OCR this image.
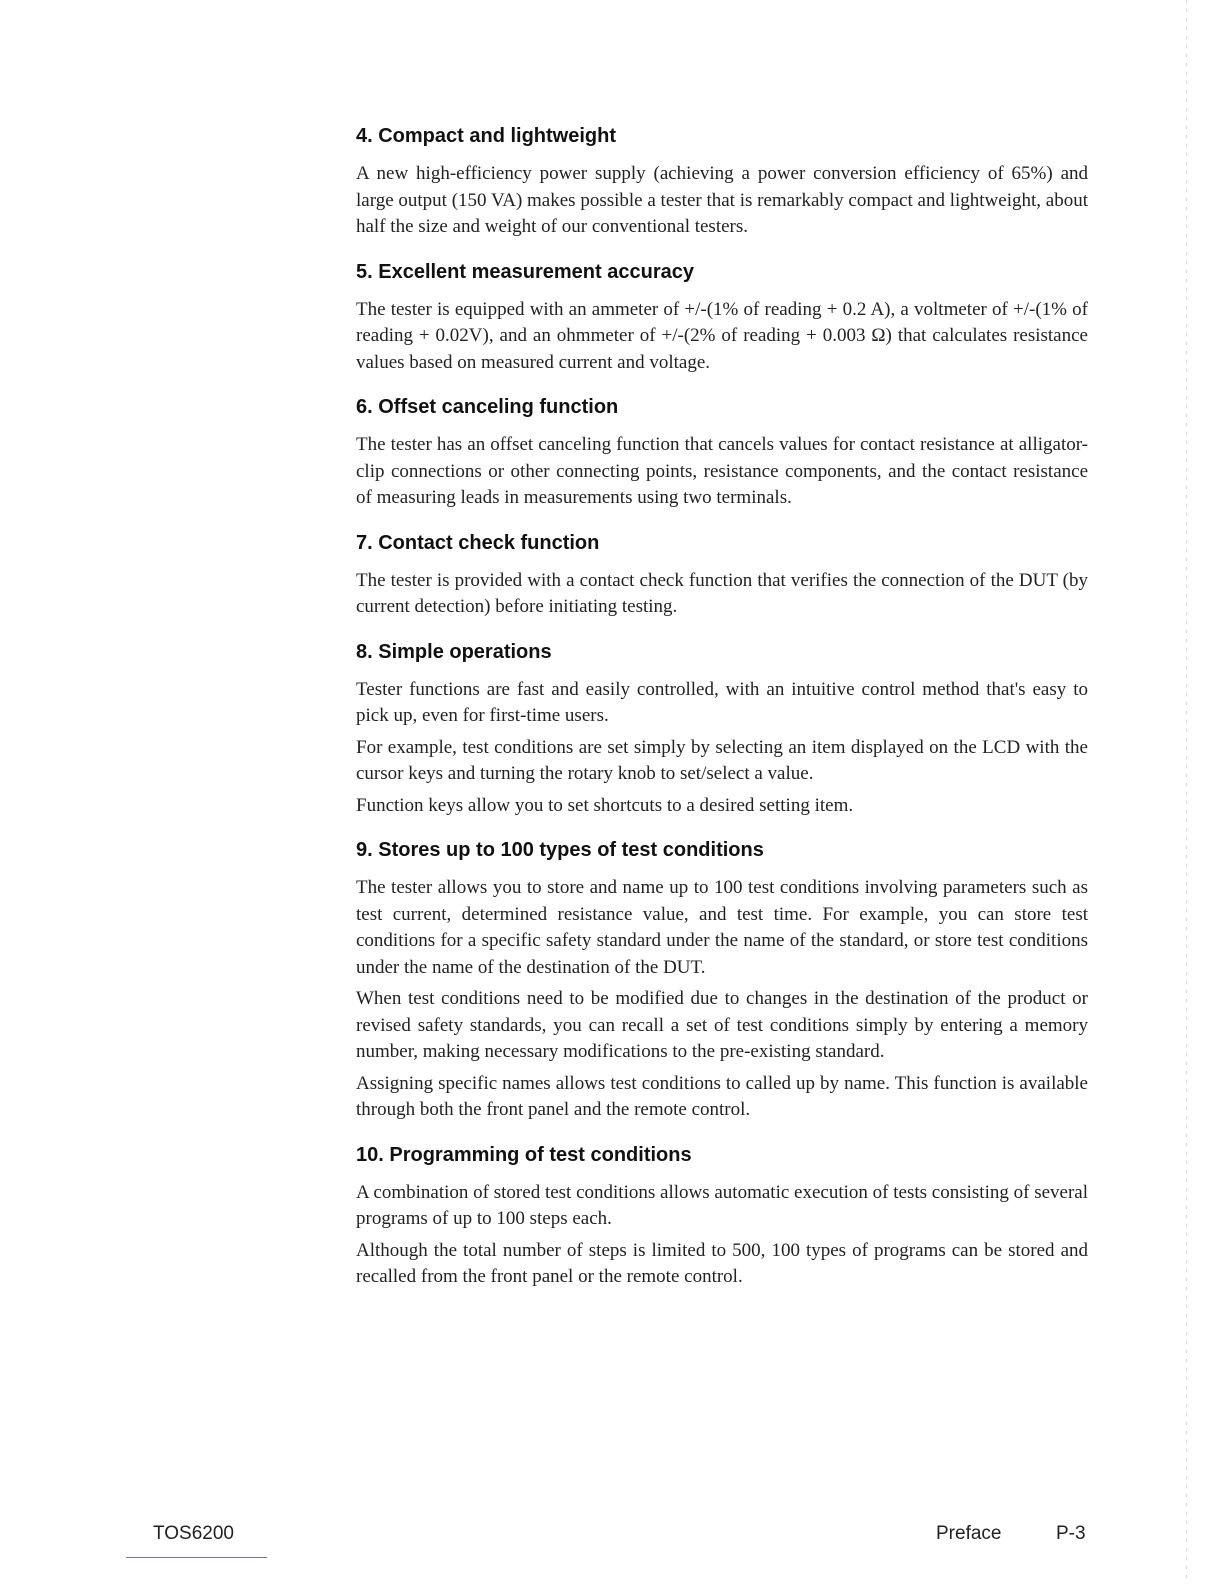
4. Compact and lightweight

A new high-efficiency power supply (achieving a power conversion efficiency of 65%) and large output (150 VA) makes possible a tester that is remarkably compact and lightweight, about half the size and weight of our conventional testers.

5. Excellent measurement accuracy

The tester is equipped with an ammeter of +/-(1% of reading + 0.2 A), a voltmeter of +/-(1% of reading + 0.02V), and an ohmmeter of +/-(2% of reading + 0.003 Ω) that calculates resistance values based on measured current and voltage.

6. Offset canceling function

The tester has an offset canceling function that cancels values for contact resistance at alligator-clip connections or other connecting points, resistance components, and the contact resistance of measuring leads in measurements using two terminals.

7. Contact check function

The tester is provided with a contact check function that verifies the connection of the DUT (by current detection) before initiating testing.

8. Simple operations

Tester functions are fast and easily controlled, with an intuitive control method that's easy to pick up, even for first-time users.

For example, test conditions are set simply by selecting an item displayed on the LCD with the cursor keys and turning the rotary knob to set/select a value.

Function keys allow you to set shortcuts to a desired setting item.

9. Stores up to 100 types of test conditions

The tester allows you to store and name up to 100 test conditions involving parameters such as test current, determined resistance value, and test time. For example, you can store test conditions for a specific safety standard under the name of the standard, or store test conditions under the name of the destination of the DUT.

When test conditions need to be modified due to changes in the destination of the product or revised safety standards, you can recall a set of test conditions simply by entering a memory number, making necessary modifications to the pre-existing standard.

Assigning specific names allows test conditions to called up by name. This function is available through both the front panel and the remote control.

10. Programming of test conditions

A combination of stored test conditions allows automatic execution of tests consisting of several programs of up to 100 steps each.

Although the total number of steps is limited to 500, 100 types of programs can be stored and recalled from the front panel or the remote control.

TOS6200	Preface	P-3
